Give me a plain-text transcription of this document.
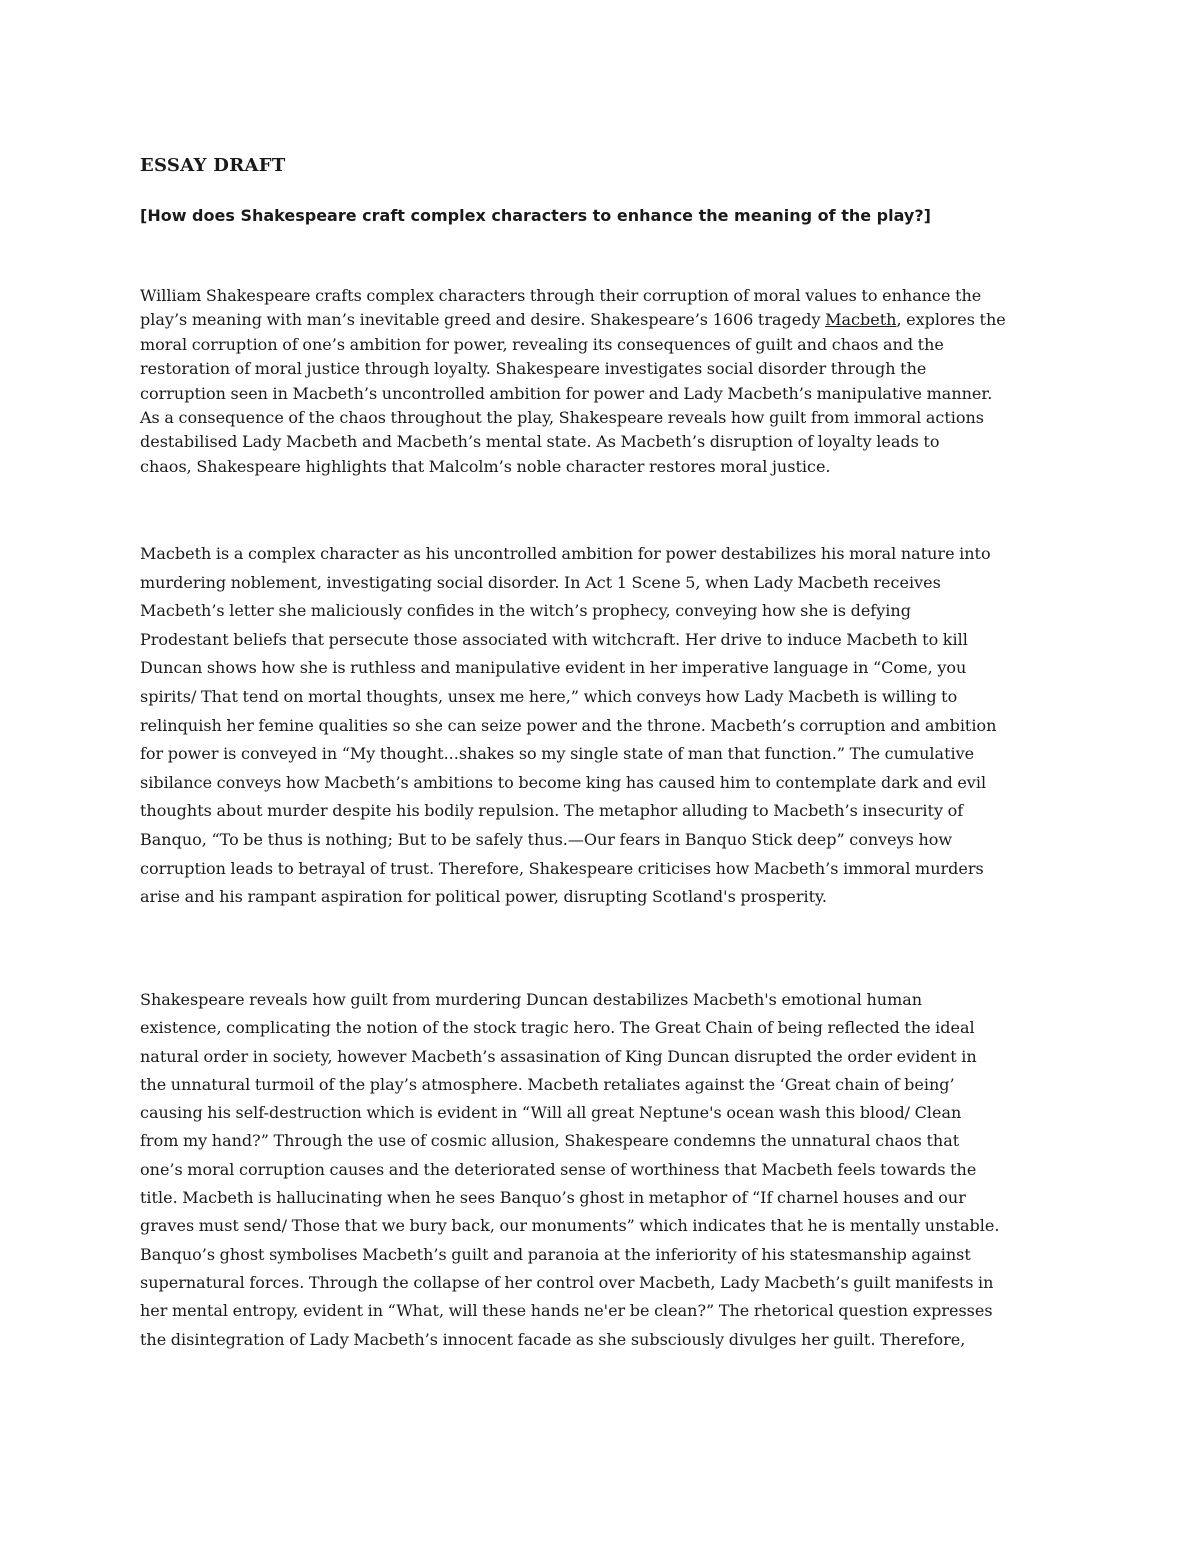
ESSAY DRAFT

[How does Shakespeare craft complex characters to enhance the meaning of the play?]

William Shakespeare crafts complex characters through their corruption of moral values to enhance the
play’s meaning with man’s inevitable greed and desire. Shakespeare’s 1606 tragedy Macbeth, explores the
moral corruption of one’s ambition for power, revealing its consequences of guilt and chaos and the
restoration of moral justice through loyalty. Shakespeare investigates social disorder through the
corruption seen in Macbeth’s uncontrolled ambition for power and Lady Macbeth’s manipulative manner.
As a consequence of the chaos throughout the play, Shakespeare reveals how guilt from immoral actions
destabilised Lady Macbeth and Macbeth’s mental state. As Macbeth’s disruption of loyalty leads to
chaos, Shakespeare highlights that Malcolm’s noble character restores moral justice.
Macbeth is a complex character as his uncontrolled ambition for power destabilizes his moral nature into
murdering noblement, investigating social disorder. In Act 1 Scene 5, when Lady Macbeth receives
Macbeth’s letter she maliciously confides in the witch’s prophecy, conveying how she is defying
Prodestant beliefs that persecute those associated with witchcraft. Her drive to induce Macbeth to kill
Duncan shows how she is ruthless and manipulative evident in her imperative language in “Come, you
spirits/ That tend on mortal thoughts, unsex me here,” which conveys how Lady Macbeth is willing to
relinquish her femine qualities so she can seize power and the throne. Macbeth’s corruption and ambition
for power is conveyed in “My thought...shakes so my single state of man that function.” The cumulative
sibilance conveys how Macbeth’s ambitions to become king has caused him to contemplate dark and evil
thoughts about murder despite his bodily repulsion. The metaphor alluding to Macbeth’s insecurity of
Banquo, “To be thus is nothing; But to be safely thus.—Our fears in Banquo Stick deep” conveys how
corruption leads to betrayal of trust. Therefore, Shakespeare criticises how Macbeth’s immoral murders
arise and his rampant aspiration for political power, disrupting Scotland's prosperity.
Shakespeare reveals how guilt from murdering Duncan destabilizes Macbeth's emotional human
existence, complicating the notion of the stock tragic hero. The Great Chain of being reflected the ideal
natural order in society, however Macbeth’s assasination of King Duncan disrupted the order evident in
the unnatural turmoil of the play’s atmosphere. Macbeth retaliates against the ‘Great chain of being’
causing his self-destruction which is evident in “Will all great Neptune's ocean wash this blood/ Clean
from my hand?” Through the use of cosmic allusion, Shakespeare condemns the unnatural chaos that
one’s moral corruption causes and the deteriorated sense of worthiness that Macbeth feels towards the
title. Macbeth is hallucinating when he sees Banquo’s ghost in metaphor of “If charnel houses and our
graves must send/ Those that we bury back, our monuments” which indicates that he is mentally unstable.
Banquo’s ghost symbolises Macbeth’s guilt and paranoia at the inferiority of his statesmanship against
supernatural forces. Through the collapse of her control over Macbeth, Lady Macbeth’s guilt manifests in
her mental entropy, evident in “What, will these hands ne'er be clean?” The rhetorical question expresses
the disintegration of Lady Macbeth’s innocent facade as she subsciously divulges her guilt. Therefore,
